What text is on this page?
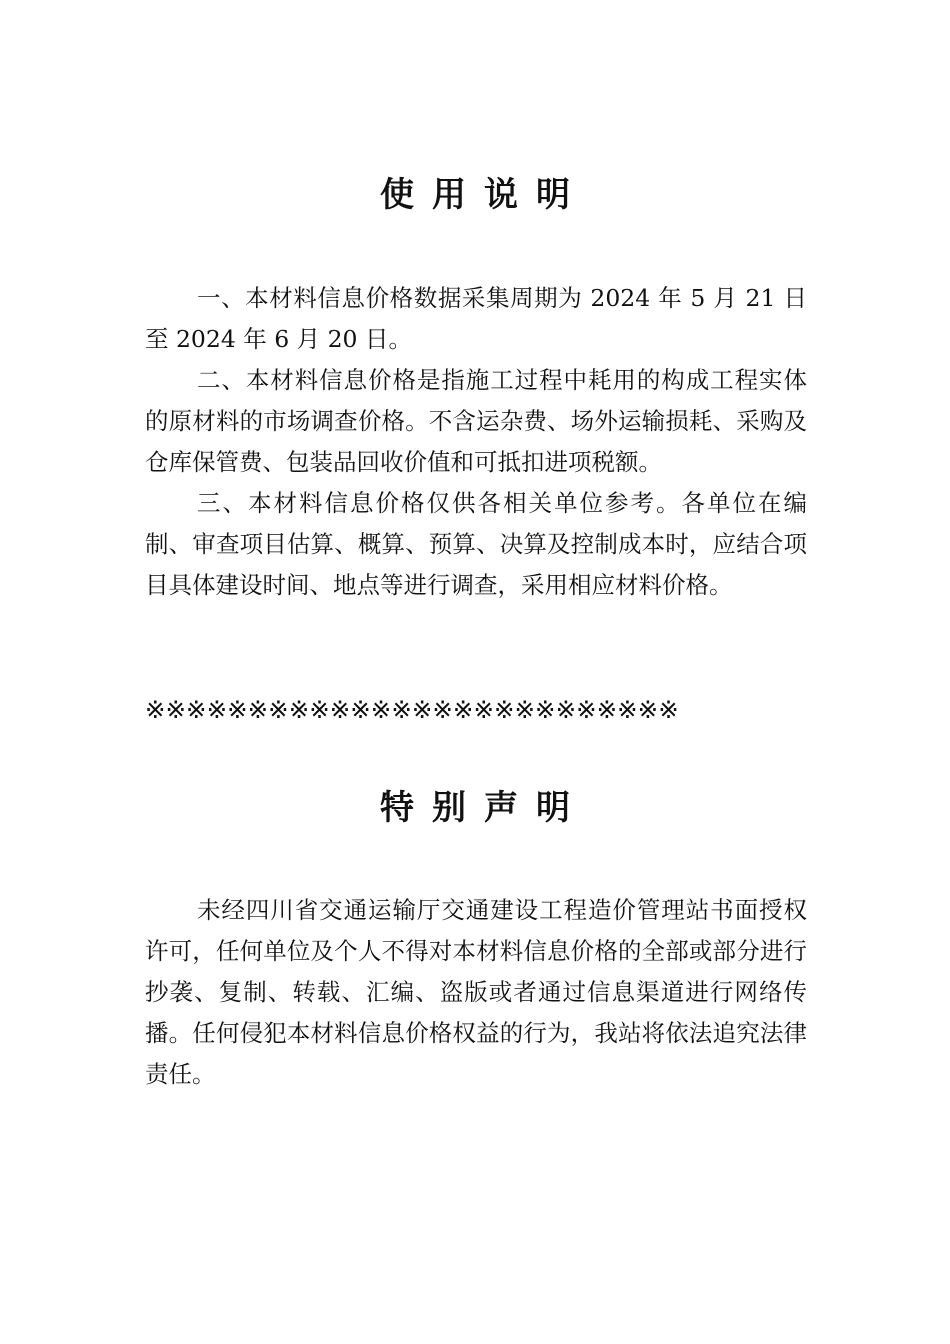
使用说明

一、本材料信息价格数据采集周期为 2024 年 5 月 21 日至 2024 年 6 月 20 日。

二、本材料信息价格是指施工过程中耗用的构成工程实体的原材料的市场调查价格。不含运杂费、场外运输损耗、采购及仓库保管费、包装品回收价值和可抵扣进项税额。

三、本材料信息价格仅供各相关单位参考。各单位在编制、审查项目估算、概算、预算、决算及控制成本时，应结合项目具体建设时间、地点等进行调查，采用相应材料价格。

※※※※※※※※※※※※※※※※※※※※※※※※※※
特别声明

未经四川省交通运输厅交通建设工程造价管理站书面授权许可，任何单位及个人不得对本材料信息价格的全部或部分进行抄袭、复制、转载、汇编、盗版或者通过信息渠道进行网络传播。任何侵犯本材料信息价格权益的行为，我站将依法追究法律责任。
